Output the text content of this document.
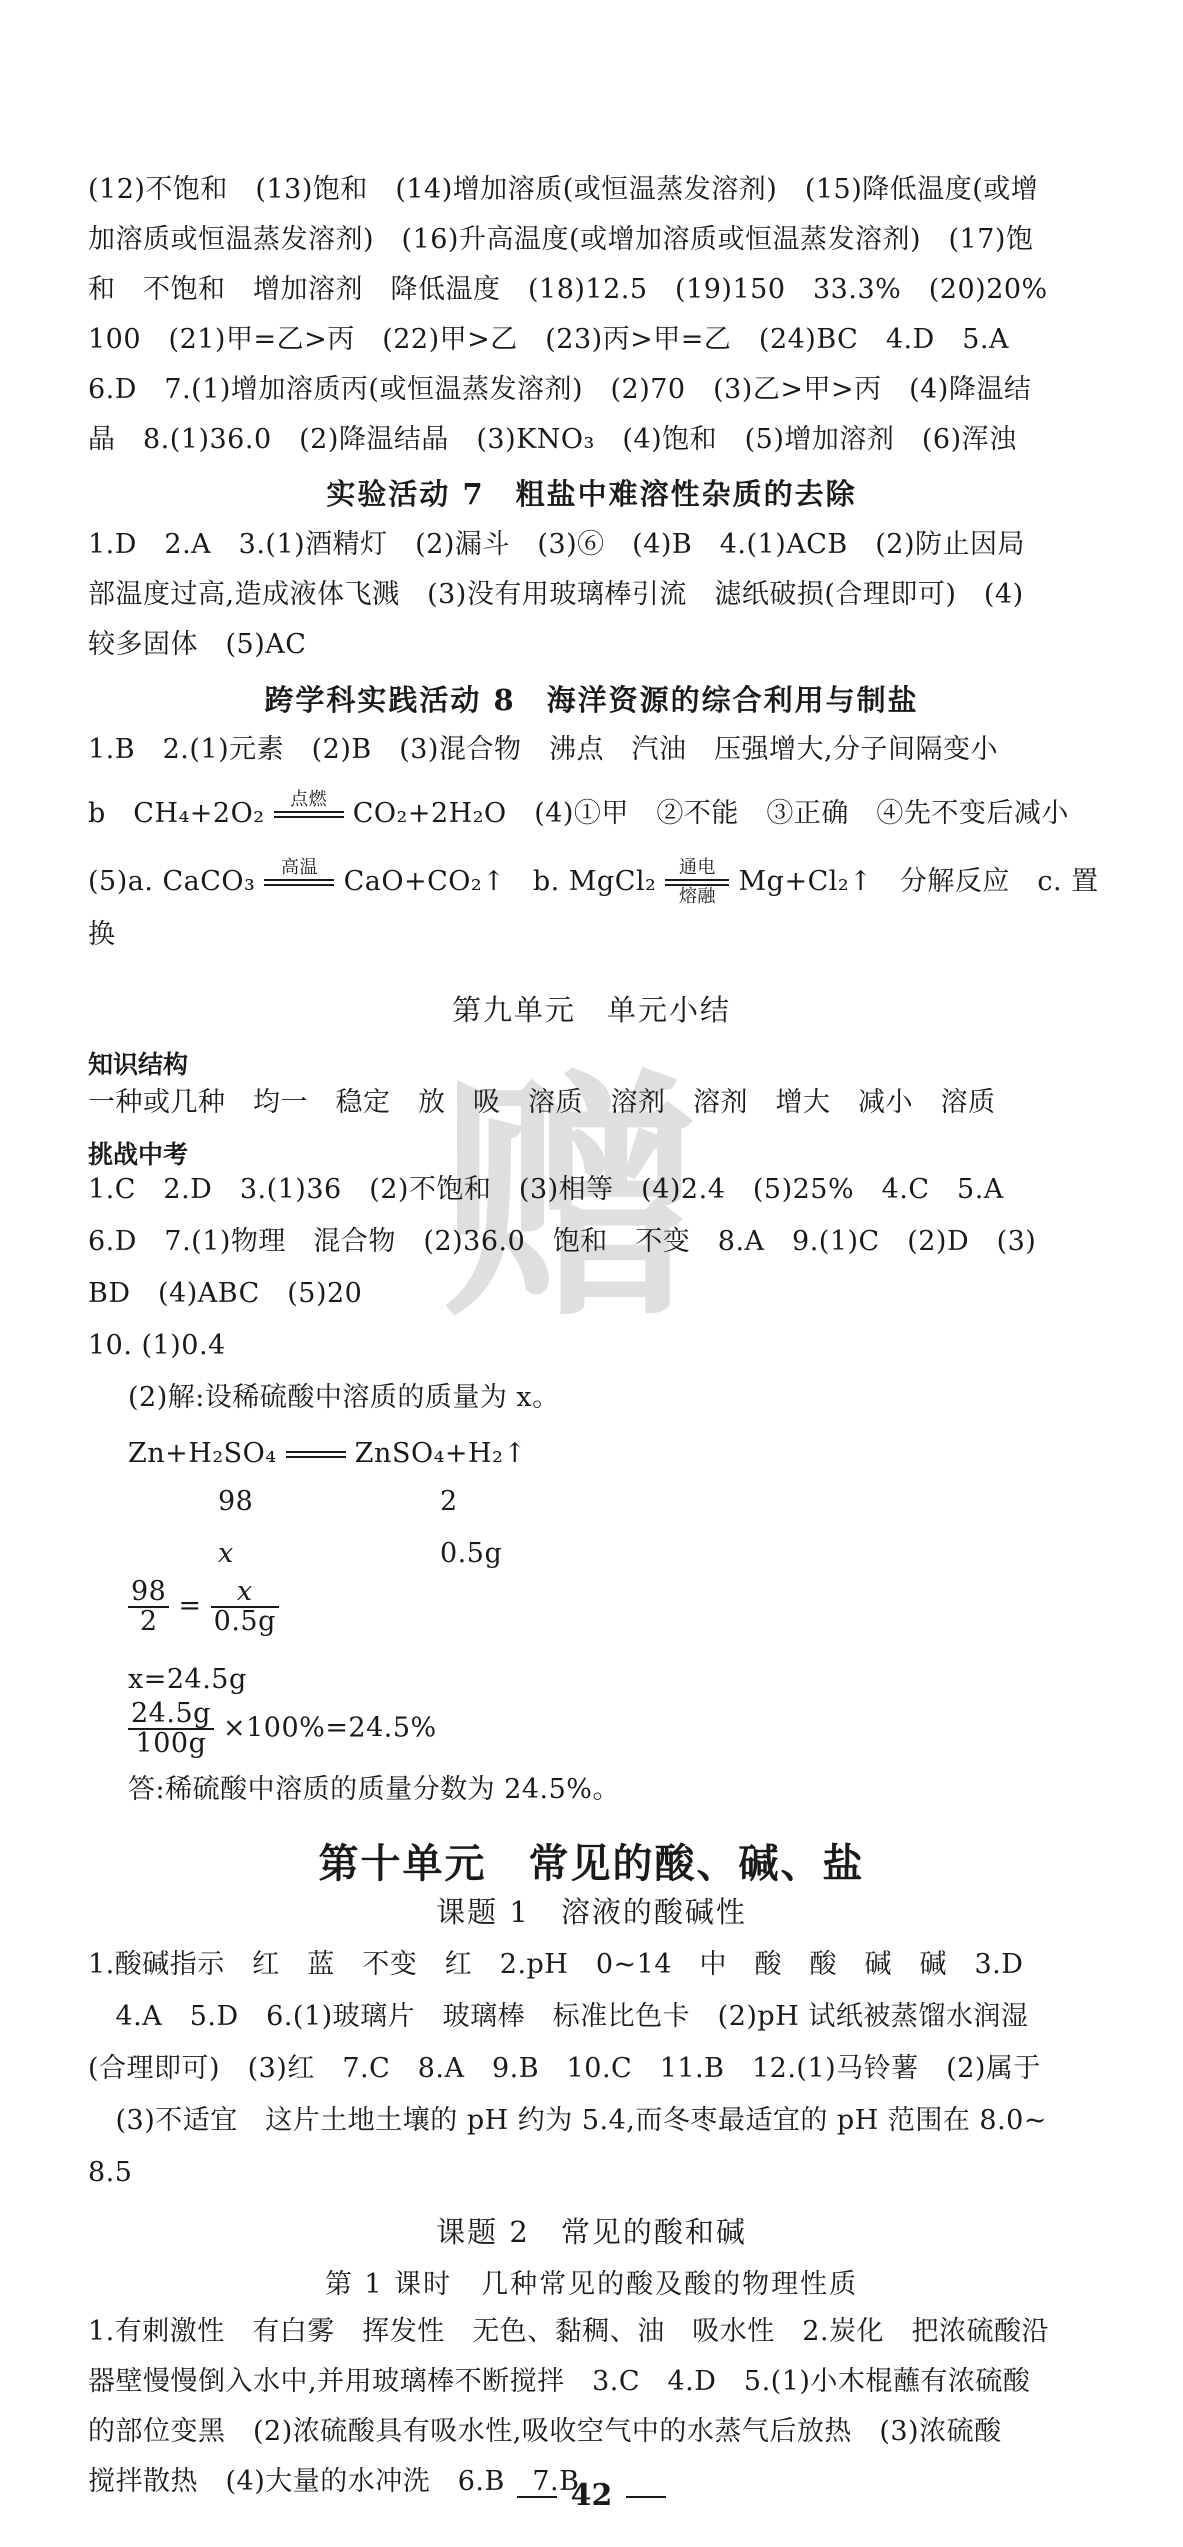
赠
(12)不饱和　(13)饱和　(14)增加溶质(或恒温蒸发溶剂)　(15)降低温度(或增
加溶质或恒温蒸发溶剂)　(16)升高温度(或增加溶质或恒温蒸发溶剂)　(17)饱
和　不饱和　增加溶剂　降低温度　(18)12.5　(19)150　33.3%　(20)20%
100　(21)甲=乙>丙　(22)甲>乙　(23)丙>甲=乙　(24)BC　4.D　5.A
6.D　7.(1)增加溶质丙(或恒温蒸发溶剂)　(2)70　(3)乙>甲>丙　(4)降温结
晶　8.(1)36.0　(2)降温结晶　(3)KNO₃　(4)饱和　(5)增加溶剂　(6)浑浊
实验活动 7　粗盐中难溶性杂质的去除
1.D　2.A　3.(1)酒精灯　(2)漏斗　(3)⑥　(4)B　4.(1)ACB　(2)防止因局
部温度过高,造成液体飞溅　(3)没有用玻璃棒引流　滤纸破损(合理即可)　(4)
较多固体　(5)AC
跨学科实践活动 8　海洋资源的综合利用与制盐
1.B　2.(1)元素　(2)B　(3)混合物　沸点　汽油　压强增大,分子间隔变小
b　CH₄+2O₂	点燃
CO₂+2H₂O　(4)①甲　②不能　③正确　④先不变后减小
(5)a. CaCO₃	高温
CaO+CO₂↑　b. MgCl₂	通电
熔融 Mg+Cl₂↑　分解反应　c. 置
换
第九单元　单元小结
知识结构
一种或几种　均一　稳定　放　吸　溶质　溶剂　溶剂　增大　减小　溶质
挑战中考
1.C　2.D　3.(1)36　(2)不饱和　(3)相等　(4)2.4　(5)25%　4.C　5.A
6.D　7.(1)物理　混合物　(2)36.0　饱和　不变　8.A　9.(1)C　(2)D　(3)
BD　(4)ABC　(5)20
10. (1)0.4
(2)解:设稀硫酸中溶质的质量为 x。
Zn+H₂SO₄

	ZnSO₄+H₂↑
98	2
x	0.5g
$\frac{98}{2} = \frac{x}{0.5g}$
x=24.5g
$\frac{24.5g}{100g} \times 100\%=24.5\%$
答:稀硫酸中溶质的质量分数为 24.5%。
第十单元　常见的酸、碱、盐
课题 1　溶液的酸碱性
1.酸碱指示　红　蓝　不变　红　2.pH　0~14　中　酸　酸　碱　碱　3.D
　4.A　5.D　6.(1)玻璃片　玻璃棒　标准比色卡　(2)pH 试纸被蒸馏水润湿
(合理即可)　(3)红　7.C　8.A　9.B　10.C　11.B　12.(1)马铃薯　(2)属于
　(3)不适宜　这片土地土壤的 pH 约为 5.4,而冬枣最适宜的 pH 范围在 8.0~
8.5
课题 2　常见的酸和碱
第 1 课时　几种常见的酸及酸的物理性质
1.有刺激性　有白雾　挥发性　无色、黏稠、油　吸水性　2.炭化　把浓硫酸沿
器壁慢慢倒入水中,并用玻璃棒不断搅拌　3.C　4.D　5.(1)小木棍蘸有浓硫酸
的部位变黑　(2)浓硫酸具有吸水性,吸收空气中的水蒸气后放热　(3)浓硫酸
搅拌散热　(4)大量的水冲洗　6.B　7.B
42
